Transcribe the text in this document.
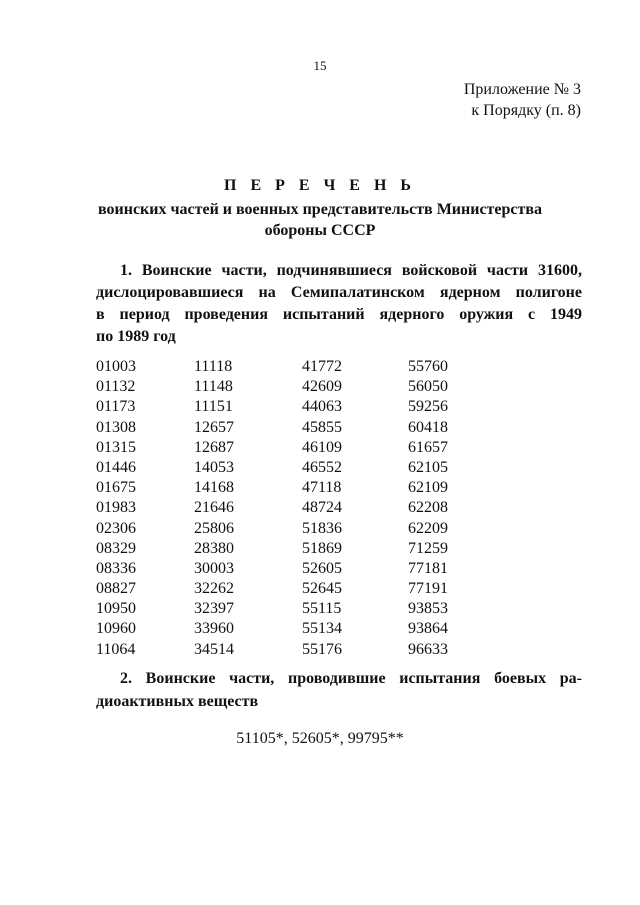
15
Приложение № 3
к Порядку (п. 8)
П Е Р Е Ч Е Н Ь
воинских частей и военных представительств Министерства
обороны СССР
1. Воинские части, подчинявшиеся войсковой части 31600,
дислоцировавшиеся на Семипалатинском ядерном полигоне
в период проведения испытаний ядерного оружия с 1949
по 1989 год
01003	11118	41772	55760
01132	11148	42609	56050
01173	11151	44063	59256
01308	12657	45855	60418
01315	12687	46109	61657
01446	14053	46552	62105
01675	14168	47118	62109
01983	21646	48724	62208
02306	25806	51836	62209
08329	28380	51869	71259
08336	30003	52605	77181
08827	32262	52645	77191
10950	32397	55115	93853
10960	33960	55134	93864
11064	34514	55176	96633
2. Воинские части, проводившие испытания боевых ра-
диоактивных веществ
51105*, 52605*, 99795**
